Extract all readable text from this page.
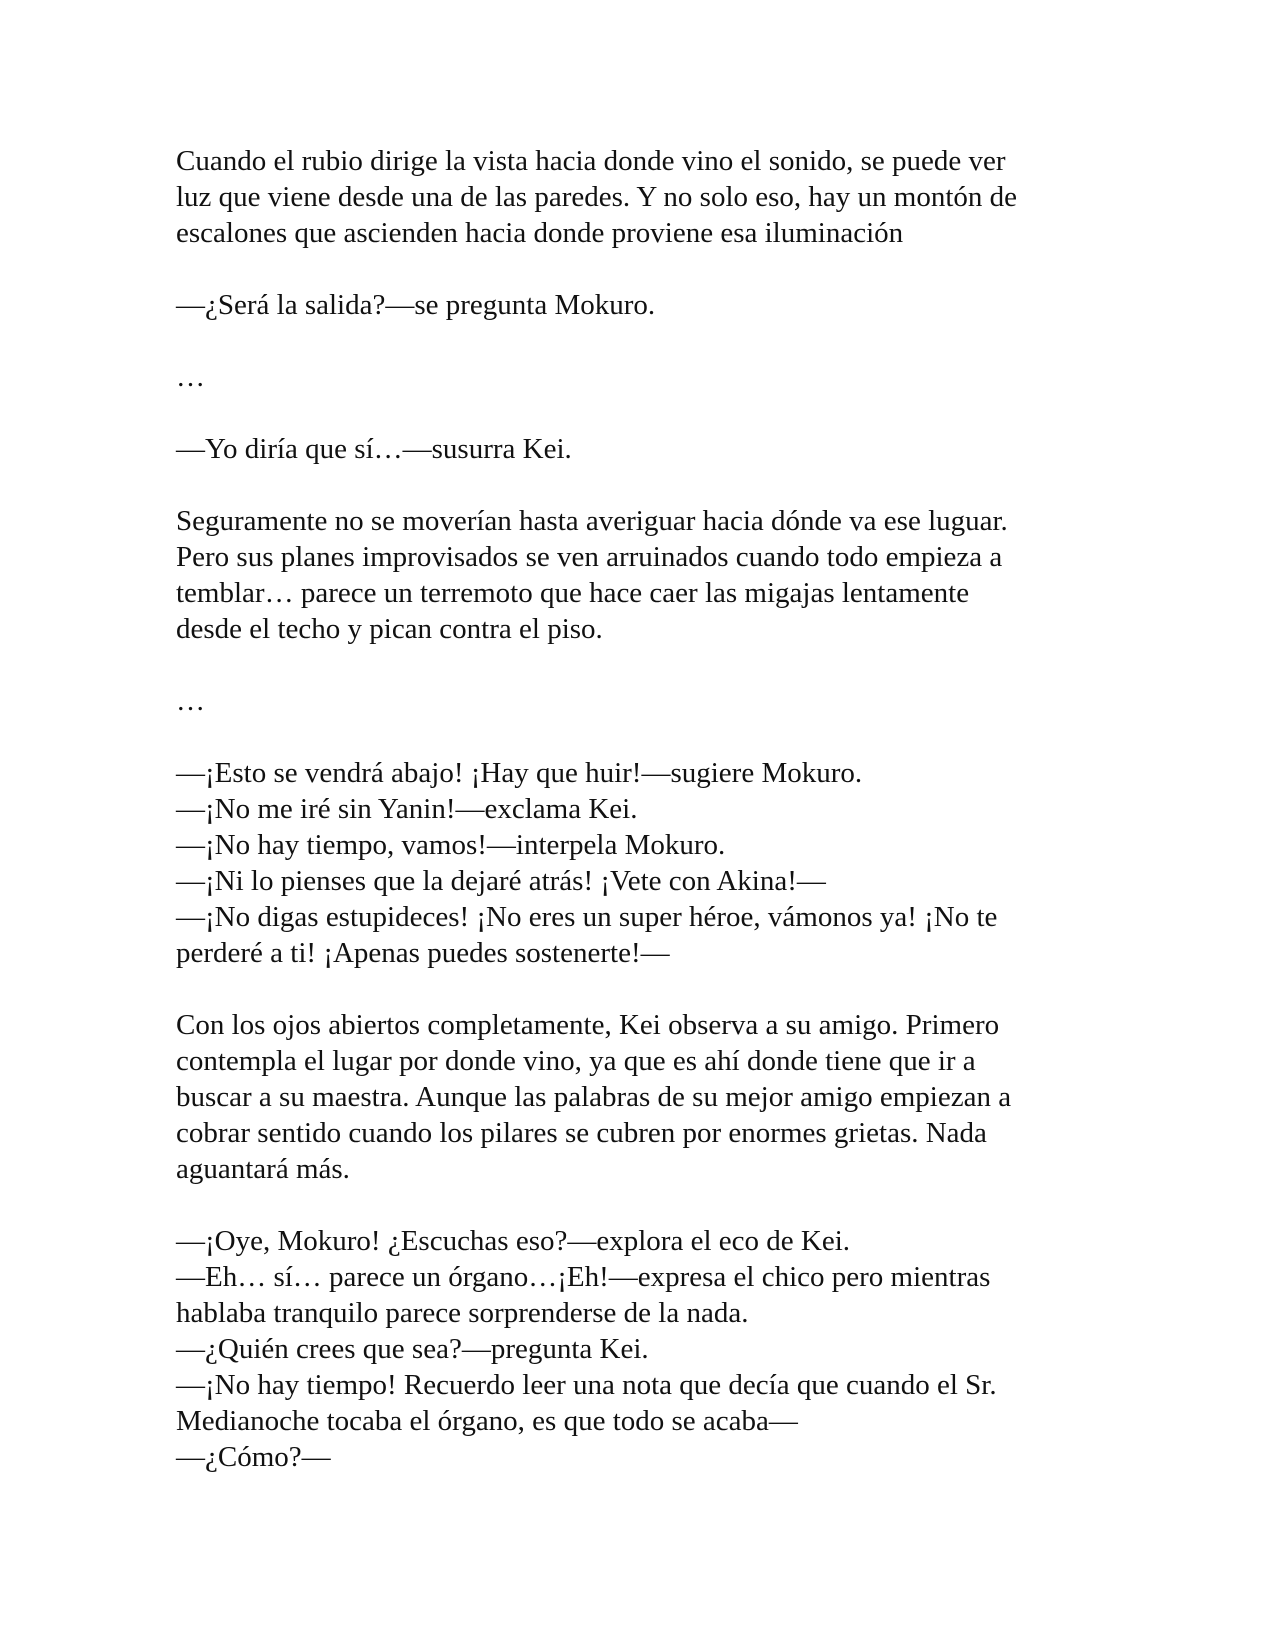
Cuando el rubio dirige la vista hacia donde vino el sonido, se puede ver
luz que viene desde una de las paredes. Y no solo eso, hay un montón de
escalones que ascienden hacia donde proviene esa iluminación

—¿Será la salida?—se pregunta Mokuro.

…

—Yo diría que sí…—susurra Kei.

Seguramente no se moverían hasta averiguar hacia dónde va ese luguar.
Pero sus planes improvisados se ven arruinados cuando todo empieza a
temblar… parece un terremoto que hace caer las migajas lentamente
desde el techo y pican contra el piso.

…

—¡Esto se vendrá abajo! ¡Hay que huir!—sugiere Mokuro.
—¡No me iré sin Yanin!—exclama Kei.
—¡No hay tiempo, vamos!—interpela Mokuro.
—¡Ni lo pienses que la dejaré atrás! ¡Vete con Akina!—
—¡No digas estupideces! ¡No eres un super héroe, vámonos ya! ¡No te
perderé a ti! ¡Apenas puedes sostenerte!—

Con los ojos abiertos completamente, Kei observa a su amigo. Primero
contempla el lugar por donde vino, ya que es ahí donde tiene que ir a
buscar a su maestra. Aunque las palabras de su mejor amigo empiezan a
cobrar sentido cuando los pilares se cubren por enormes grietas. Nada
aguantará más.

—¡Oye, Mokuro! ¿Escuchas eso?—explora el eco de Kei.
—Eh… sí… parece un órgano…¡Eh!—expresa el chico pero mientras
hablaba tranquilo parece sorprenderse de la nada.
—¿Quién crees que sea?—pregunta Kei.
—¡No hay tiempo! Recuerdo leer una nota que decía que cuando el Sr.
Medianoche tocaba el órgano, es que todo se acaba—
—¿Cómo?—
